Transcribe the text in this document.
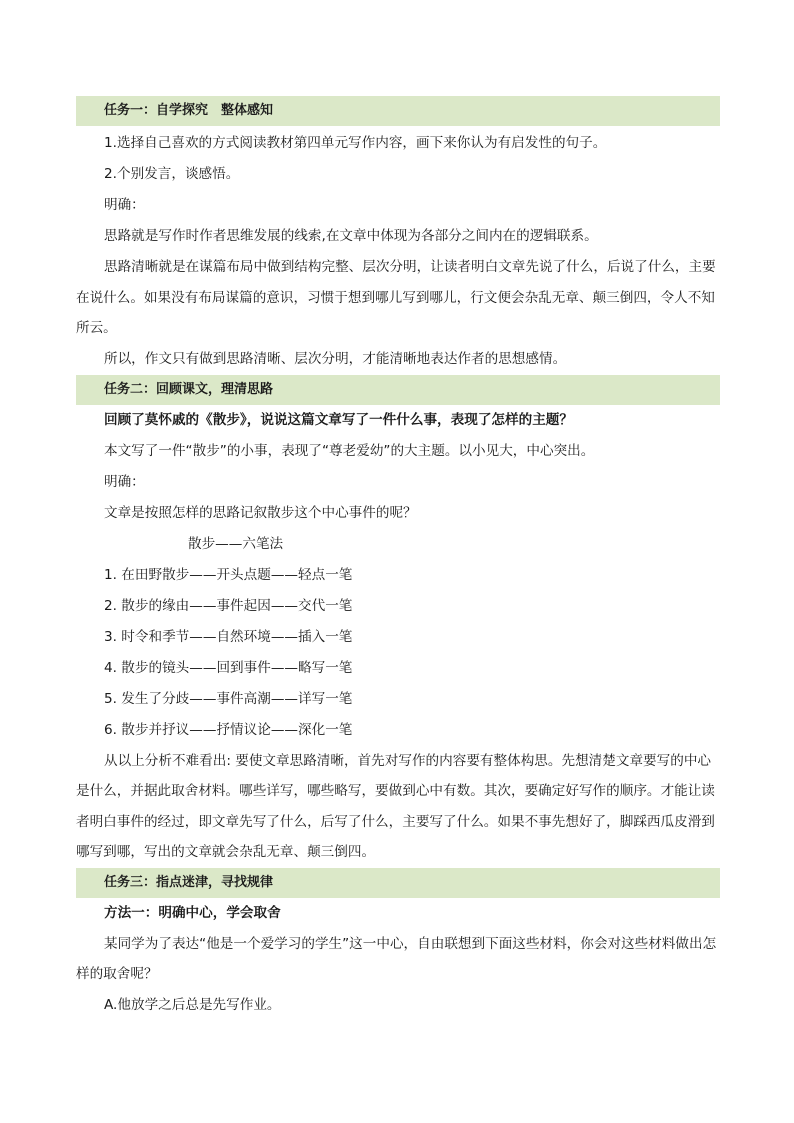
任务一：自学探究　整体感知

1.选择自己喜欢的方式阅读教材第四单元写作内容，画下来你认为有启发性的句子。

2.个别发言，谈感悟。

明确：

思路就是写作时作者思维发展的线索,在文章中体现为各部分之间内在的逻辑联系。

思路清晰就是在谋篇布局中做到结构完整、层次分明，让读者明白文章先说了什么，后说了什么，主要在说什么。如果没有布局谋篇的意识，习惯于想到哪儿写到哪儿，行文便会杂乱无章、颠三倒四，令人不知所云。

所以，作文只有做到思路清晰、层次分明，才能清晰地表达作者的思想感情。

任务二：回顾课文，理清思路

回顾了莫怀戚的《散步》，说说这篇文章写了一件什么事，表现了怎样的主题？

本文写了一件“散步”的小事，表现了“尊老爱幼”的大主题。以小见大，中心突出。

明确：

文章是按照怎样的思路记叙散步这个中心事件的呢？

散步——六笔法

1. 在田野散步——开头点题——轻点一笔

2. 散步的缘由——事件起因——交代一笔

3. 时令和季节——自然环境——插入一笔

4. 散步的镜头——回到事件——略写一笔

5. 发生了分歧——事件高潮——详写一笔

6. 散步并抒议——抒情议论——深化一笔

从以上分析不难看出: 要使文章思路清晰，首先对写作的内容要有整体构思。先想清楚文章要写的中心是什么，并据此取舍材料。哪些详写，哪些略写，要做到心中有数。其次，要确定好写作的顺序。才能让读者明白事件的经过，即文章先写了什么，后写了什么，主要写了什么。如果不事先想好了，脚踩西瓜皮滑到哪写到哪，写出的文章就会杂乱无章、颠三倒四。

任务三：指点迷津，寻找规律

方法一：明确中心，学会取舍

某同学为了表达“他是一个爱学习的学生”这一中心，自由联想到下面这些材料，你会对这些材料做出怎样的取舍呢？

A.他放学之后总是先写作业。
